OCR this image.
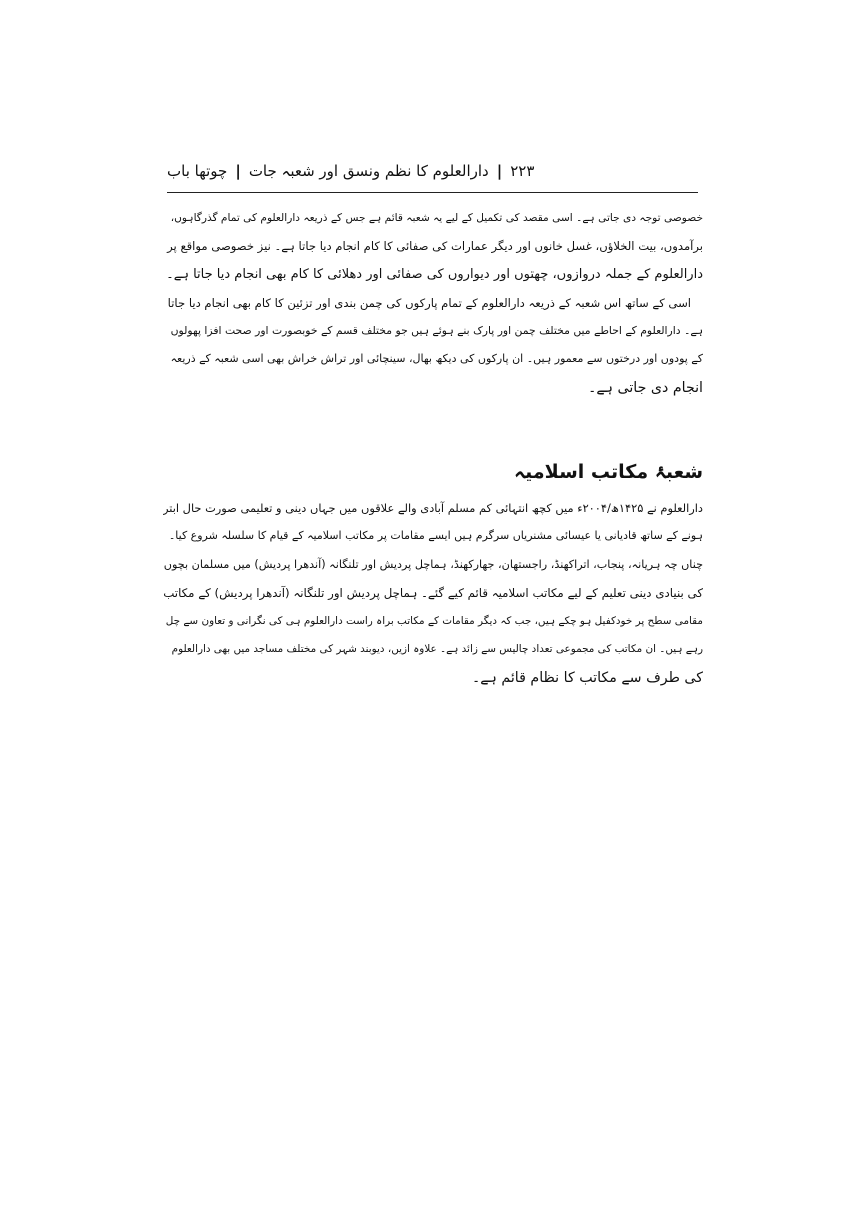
چوتھا باب | دارالعلوم کا نظم ونسق اور شعبہ جات | ۲۲۳
خصوصی توجہ دی جاتی ہے۔ اسی مقصد کی تکمیل کے لیے یہ شعبہ قائم ہے جس کے ذریعہ دارالعلوم کی تمام گذرگاہوں،
برآمدوں، بیت الخلاؤں، غسل خانوں اور دیگر عمارات کی صفائی کا کام انجام دیا جاتا ہے۔ نیز خصوصی مواقع پر
دارالعلوم کے جملہ دروازوں، چھتوں اور دیواروں کی صفائی اور دھلائی کا کام بھی انجام دیا جاتا ہے۔
اسی کے ساتھ اس شعبہ کے ذریعہ دارالعلوم کے تمام پارکوں کی چمن بندی اور تزئین کا کام بھی انجام دیا جاتا
ہے۔ دارالعلوم کے احاطے میں مختلف چمن اور پارک بنے ہوئے ہیں جو مختلف قسم کے خوبصورت اور صحت افزا پھولوں
کے پودوں اور درختوں سے معمور ہیں۔ ان پارکوں کی دیکھ بھال، سینچائی اور تراش خراش بھی اسی شعبہ کے ذریعہ
انجام دی جاتی ہے۔
شعبۂ مکاتب اسلامیہ
دارالعلوم نے ۱۴۲۵ھ/۲۰۰۴ء میں کچھ انتہائی کم مسلم آبادی والے علاقوں میں جہاں دینی و تعلیمی صورت حال ابتر
ہونے کے ساتھ قادیانی یا عیسائی مشنریاں سرگرم ہیں ایسے مقامات پر مکاتب اسلامیہ کے قیام کا سلسلہ شروع کیا۔
چناں چہ ہریانہ، پنجاب، اتراکھنڈ، راجستھان، جھارکھنڈ، ہماچل پردیش اور تلنگانہ (آندھرا پردیش) میں مسلمان بچوں
کی بنیادی دینی تعلیم کے لیے مکاتب اسلامیہ قائم کیے گئے۔ ہماچل پردیش اور تلنگانہ (آندھرا پردیش) کے مکاتب
مقامی سطح پر خودکفیل ہو چکے ہیں، جب کہ دیگر مقامات کے مکاتب براہ راست دارالعلوم ہی کی نگرانی و تعاون سے چل
رہے ہیں۔ ان مکاتب کی مجموعی تعداد چالیس سے زائد ہے۔ علاوہ ازیں، دیوبند شہر کی مختلف مساجد میں بھی دارالعلوم
کی طرف سے مکاتب کا نظام قائم ہے۔
